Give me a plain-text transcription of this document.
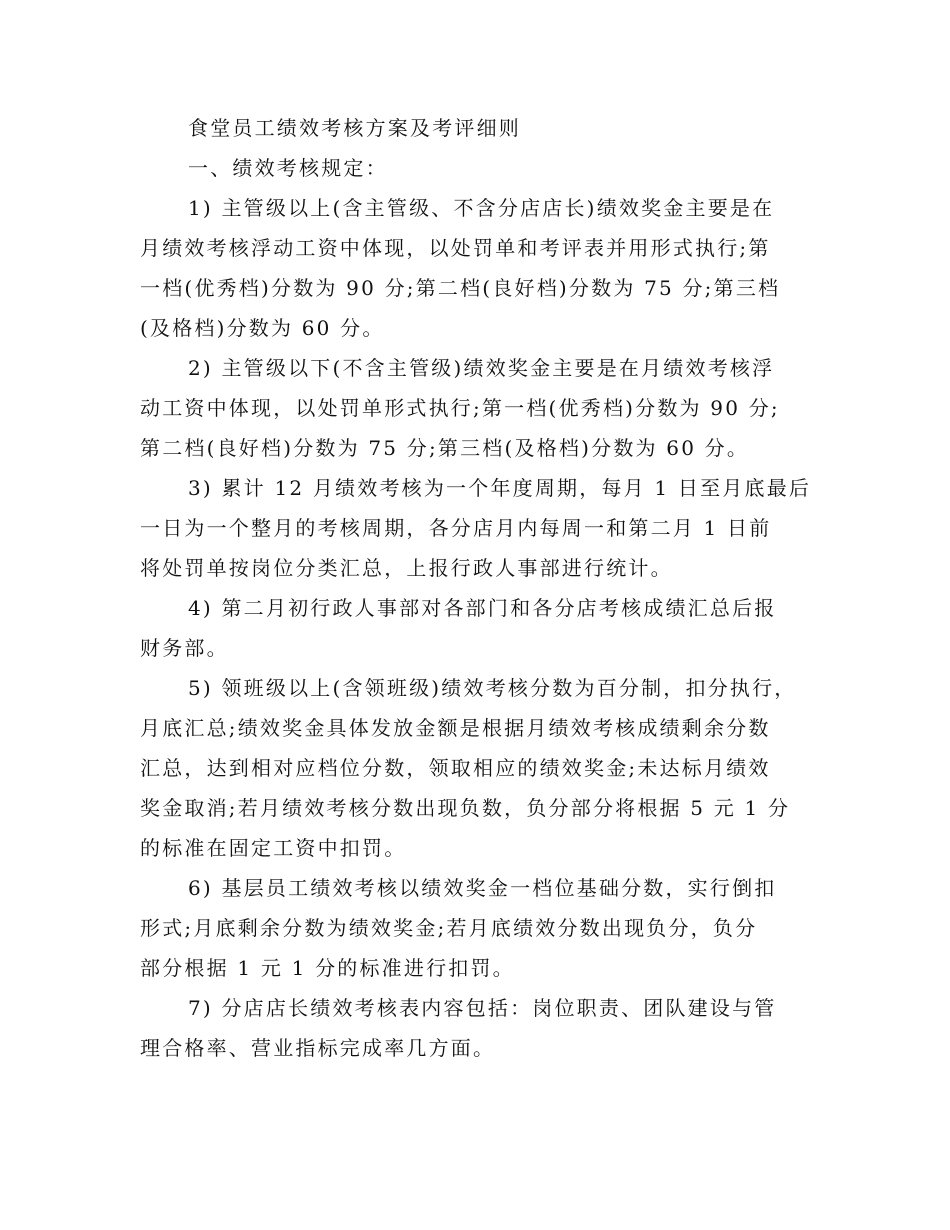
食堂员工绩效考核方案及考评细则
一、绩效考核规定：
1) 主管级以上(含主管级、不含分店店长)绩效奖金主要是在
月绩效考核浮动工资中体现，以处罚单和考评表并用形式执行;第
一档(优秀档)分数为 90 分;第二档(良好档)分数为 75 分;第三档
(及格档)分数为 60 分。
2) 主管级以下(不含主管级)绩效奖金主要是在月绩效考核浮
动工资中体现，以处罚单形式执行;第一档(优秀档)分数为 90 分;
第二档(良好档)分数为 75 分;第三档(及格档)分数为 60 分。
3) 累计 12 月绩效考核为一个年度周期，每月 1 日至月底最后
一日为一个整月的考核周期，各分店月内每周一和第二月 1 日前
将处罚单按岗位分类汇总，上报行政人事部进行统计。
4) 第二月初行政人事部对各部门和各分店考核成绩汇总后报
财务部。
5) 领班级以上(含领班级)绩效考核分数为百分制，扣分执行，
月底汇总;绩效奖金具体发放金额是根据月绩效考核成绩剩余分数
汇总，达到相对应档位分数，领取相应的绩效奖金;未达标月绩效
奖金取消;若月绩效考核分数出现负数，负分部分将根据 5 元 1 分
的标准在固定工资中扣罚。
6) 基层员工绩效考核以绩效奖金一档位基础分数，实行倒扣
形式;月底剩余分数为绩效奖金;若月底绩效分数出现负分，负分
部分根据 1 元 1 分的标准进行扣罚。
7) 分店店长绩效考核表内容包括：岗位职责、团队建设与管
理合格率、营业指标完成率几方面。
